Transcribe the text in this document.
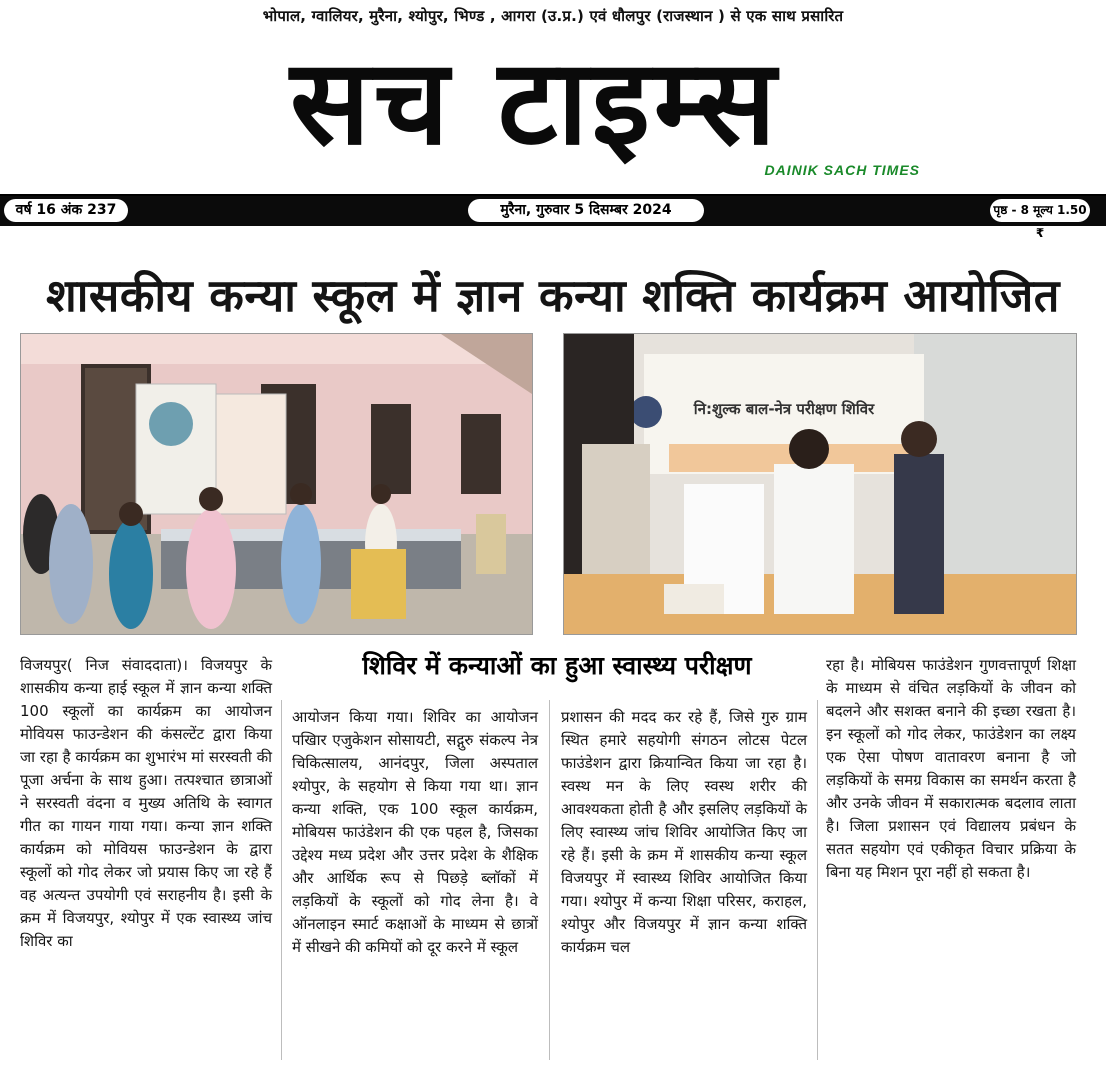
भोपाल, ग्वालियर, मुरैना, श्योपुर, भिण्ड , आगरा (उ.प्र.) एवं धौलपुर (राजस्थान ) से एक साथ प्रसारित
सच टाइम्स
DAINIK SACH TIMES
वर्ष 16 अंक 237	मुरैना, गुरुवार 5 दिसम्बर 2024	पृष्ठ - 8 मूल्य 1.50 ₹
शासकीय कन्या स्कूल में ज्ञान कन्या शक्ति कार्यक्रम आयोजित
नि:शुल्क बाल-नेत्र परीक्षण शिविर
शिविर में कन्याओं का हुआ स्वास्थ्य परीक्षण
विजयपुर( निज संवाददाता)। विजयपुर के शासकीय कन्या हाई स्कूल में ज्ञान कन्या शक्ति 100 स्कूलों का कार्यक्रम का आयोजन मोवियस फाउन्डेशन की कंसल्टेंट द्वारा किया जा रहा है कार्यक्रम का शुभारंभ मां सरस्वती की पूजा अर्चना के साथ हुआ। तत्पश्चात छात्राओं ने सरस्वती वंदना व मुख्य अतिथि के स्वागत गीत का गायन गाया गया। कन्या ज्ञान शक्ति कार्यक्रम को मोवियस फाउन्डेशन के द्वारा स्कूलों को गोद लेकर जो प्रयास किए जा रहे हैं वह अत्यन्त उपयोगी एवं सराहनीय है। इसी के क्रम में विजयपुर, श्योपुर में एक स्वास्थ्य जांच शिविर का
आयोजन किया गया। शिविर का आयोजन पखिार एजुकेशन सोसायटी, सद्गुरु संकल्प नेत्र चिकित्सालय, आनंदपुर, जिला अस्पताल श्योपुर, के सहयोग से किया गया था। ज्ञान कन्या शक्ति, एक 100 स्कूल कार्यक्रम, मोबियस फाउंडेशन की एक पहल है, जिसका उद्देश्य मध्य प्रदेश और उत्तर प्रदेश के शैक्षिक और आर्थिक रूप से पिछड़े ब्लॉकों में लड़कियों के स्कूलों को गोद लेना है। वे ऑनलाइन स्मार्ट कक्षाओं के माध्यम से छात्रों में सीखने की कमियों को दूर करने में स्कूल
प्रशासन की मदद कर रहे हैं, जिसे गुरु ग्राम स्थित हमारे सहयोगी संगठन लोटस पेटल फाउंडेशन द्वारा क्रियान्वित किया जा रहा है। स्वस्थ मन के लिए स्वस्थ शरीर की आवश्यकता होती है और इसलिए लड़कियों के लिए स्वास्थ्य जांच शिविर आयोजित किए जा रहे हैं। इसी के क्रम में शासकीय कन्या स्कूल विजयपुर में स्वास्थ्य शिविर आयोजित किया गया। श्योपुर में कन्या शिक्षा परिसर, कराहल, श्योपुर और विजयपुर में ज्ञान कन्या शक्ति कार्यक्रम चल
रहा है। मोबियस फाउंडेशन गुणवत्तापूर्ण शिक्षा के माध्यम से वंचित लड़कियों के जीवन को बदलने और सशक्त बनाने की इच्छा रखता है। इन स्कूलों को गोद लेकर, फाउंडेशन का लक्ष्य एक ऐसा पोषण वातावरण बनाना है जो लड़कियों के समग्र विकास का समर्थन करता है और उनके जीवन में सकारात्मक बदलाव लाता है। जिला प्रशासन एवं विद्यालय प्रबंधन के सतत सहयोग एवं एकीकृत विचार प्रक्रिया के बिना यह मिशन पूरा नहीं हो सकता है।
